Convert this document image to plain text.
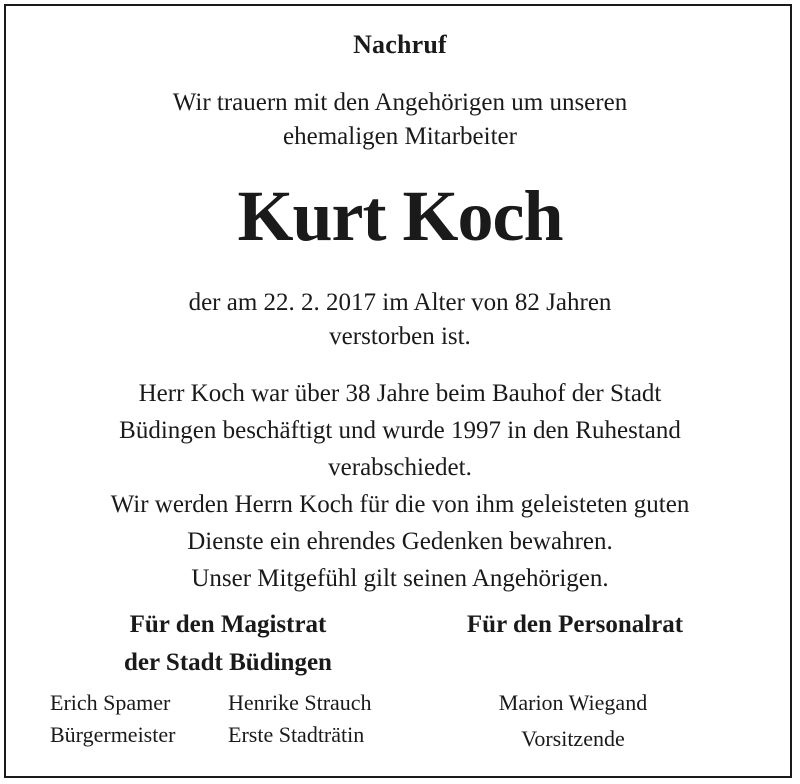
Nachruf
Wir trauern mit den Angehörigen um unseren
ehemaligen Mitarbeiter
Kurt Koch
der am 22. 2. 2017 im Alter von 82 Jahren
verstorben ist.
Herr Koch war über 38 Jahre beim Bauhof der Stadt
Büdingen beschäftigt und wurde 1997 in den Ruhestand
verabschiedet.
Wir werden Herrn Koch für die von ihm geleisteten guten
Dienste ein ehrendes Gedenken bewahren.
Unser Mitgefühl gilt seinen Angehörigen.
Für den Magistrat
der Stadt Büdingen
Für den Personalrat
Erich Spamer
Bürgermeister
Henrike Strauch
Erste Stadträtin
Marion Wiegand
Vorsitzende
